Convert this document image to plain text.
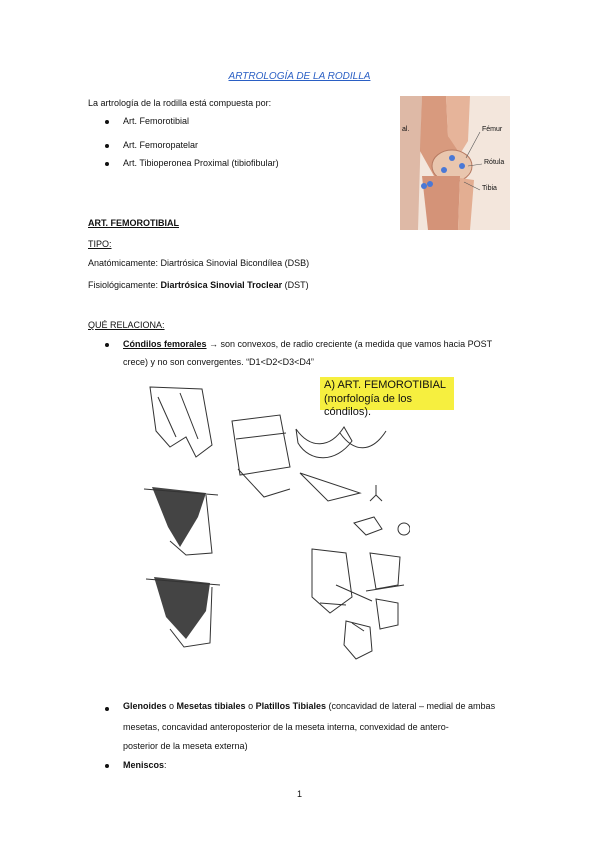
ARTROLOGÍA DE LA RODILLA
La artrología de la rodilla está compuesta por:
Art. Femorotibial
Art. Femoropatelar
Art. Tibioperonea Proximal (tibiofibular)
al.	Fémur
Rótula
Tibia
ART. FEMOROTIBIAL
TIPO:
Anatómicamente: Diartrósica Sinovial Bicondílea (DSB)
Fisiológicamente: Diartrósica Sinovial Troclear (DST)
QUÉ RELACIONA:
Cóndilos femorales → son convexos, de radio creciente (a medida que vamos hacia POST
crece) y no son convergentes. “D1<D2<D3<D4”
A) ART. FEMOROTIBIAL
(morfología de los cóndilos).
Glenoides o Mesetas tibiales o Platillos Tibiales (concavidad de lateral – medial de ambas
mesetas, concavidad anteroposterior de la meseta interna, convexidad de antero-
posterior de la meseta externa)
Meniscos:
1
